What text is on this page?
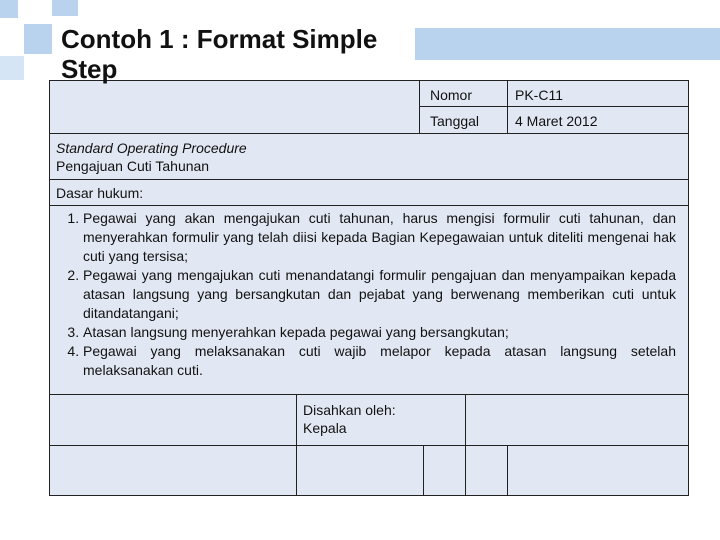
Contoh 1 : Format Simple Step
Nomor	PK-C11
Tanggal	4 Maret 2012
Standard Operating Procedure
Pengajuan Cuti Tahunan
Dasar hukum:
1. Pegawai yang akan mengajukan cuti tahunan, harus mengisi formulir cuti tahunan, dan menyerahkan formulir yang telah diisi kepada Bagian Kepegawaian untuk diteliti mengenai hak cuti yang tersisa;
2. Pegawai yang mengajukan cuti menandatangi formulir pengajuan dan menyampaikan kepada atasan langsung yang bersangkutan dan pejabat yang berwenang memberikan cuti untuk ditandatangani;
3. Atasan langsung menyerahkan kepada pegawai yang bersangkutan;
4. Pegawai yang melaksanakan cuti wajib melapor kepada atasan langsung setelah melaksanakan cuti.
Disahkan oleh:
Kepala
